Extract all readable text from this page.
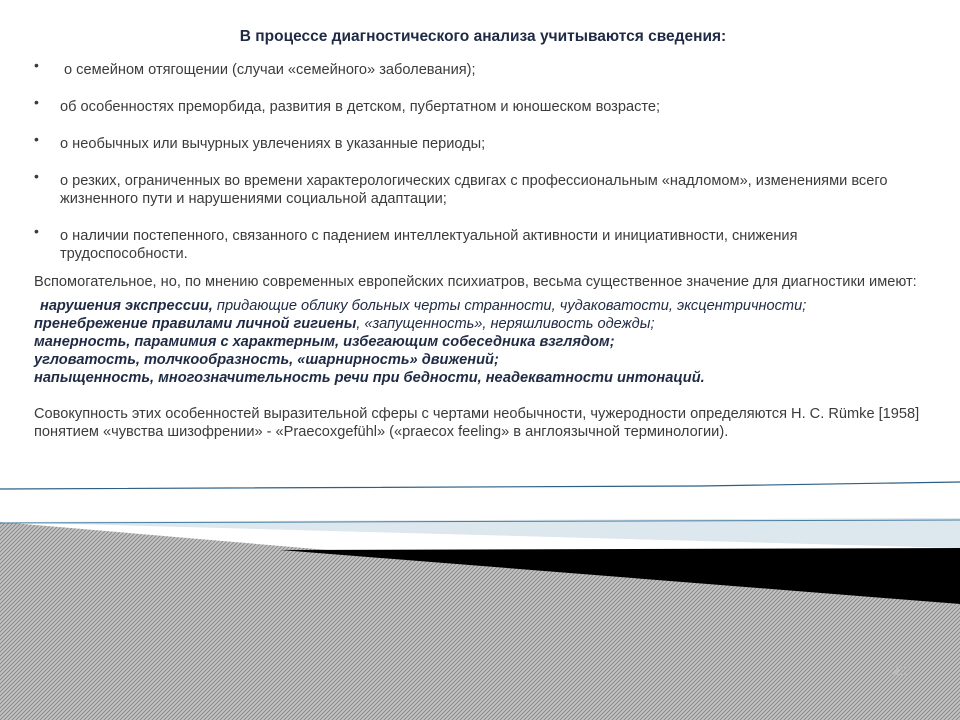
В процессе диагностического анализа учитываются сведения:
• о семейном отягощении (случаи «семейного» заболевания);
• об особенностях преморбида, развития в детском, пубертатном и юношеском возрасте;
• о необычных или вычурных увлечениях в указанные периоды;
• о резких, ограниченных во времени характерологических сдвигах с профессиональным «надломом», изменениями всего жизненного пути и нарушениями социальной адаптации;
• о наличии постепенного, связанного с падением интеллектуальной активности и инициативности, снижения трудоспособности.

Вспомогательное, но, по мнению современных европейских психиатров, весьма существенное значение для диагностики имеют:

нарушения экспрессии, придающие облику больных черты странности, чудаковатости, эксцентричности;
пренебрежение правилами личной гигиены, «запущенность», неряшливость одежды;
манерность, парамимия с характерным, избегающим собеседника взглядом;
угловатость, толчкообразность, «шарнирность» движений;
напыщенность, многозначительность речи при бедности, неадекватности интонаций.

Совокупность этих особенностей выразительной сферы с чертами необычности, чужеродности определяются H. C. Rümke [1958] понятием «чувства шизофрении» - «Praecoxgefühl» («praecox feeling» в англоязычной терминологии).

22
